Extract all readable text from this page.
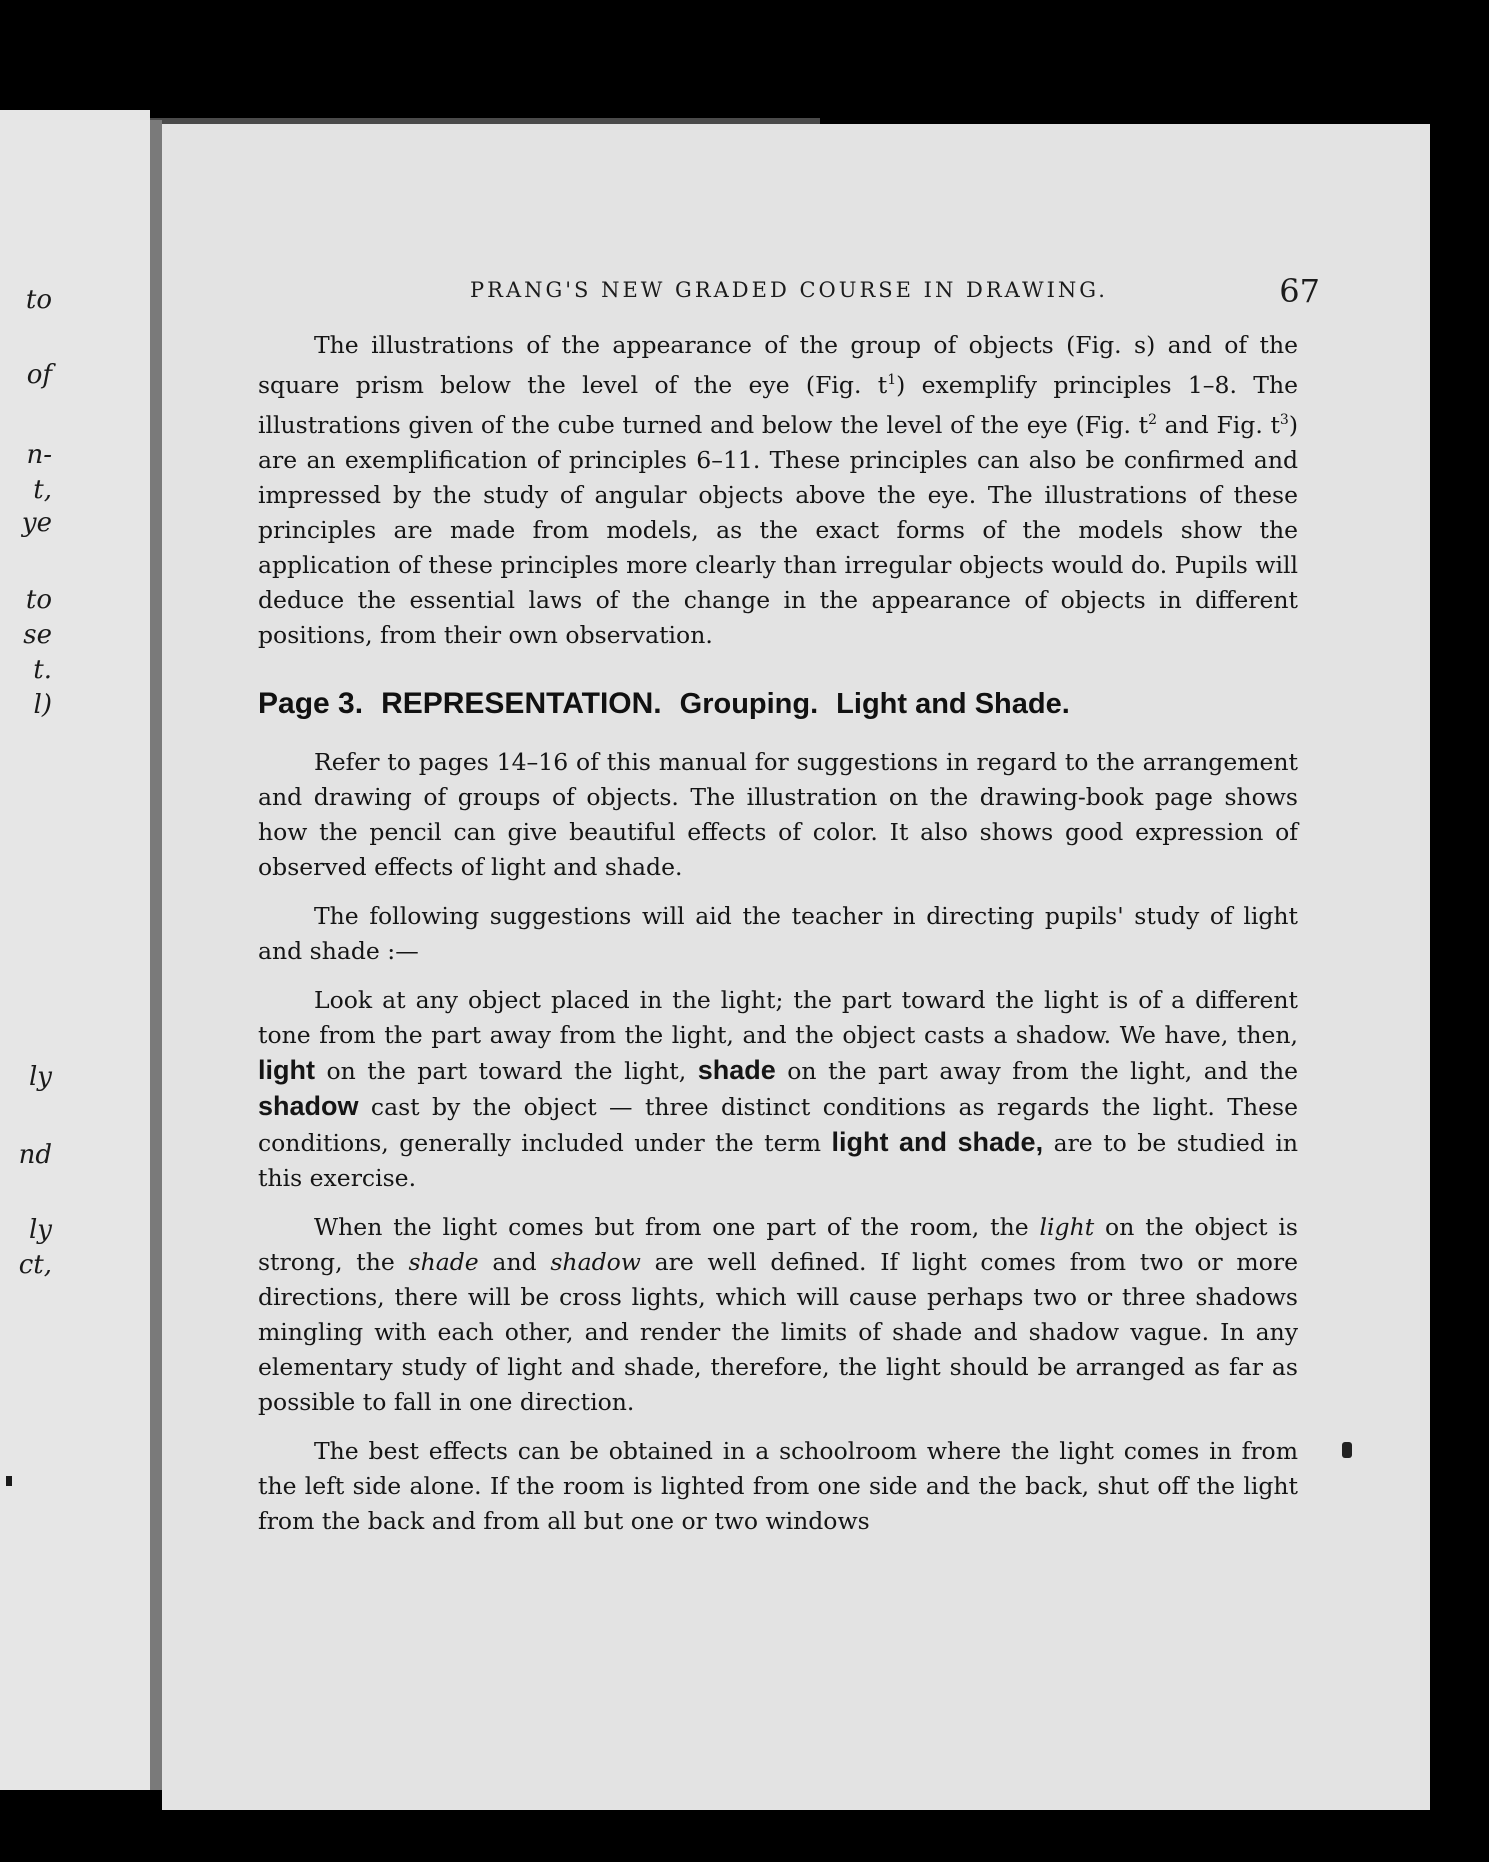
to
of
n-
t,
ye
to
se
t.
l)
ly
nd
ly
ct,
PRANG'S NEW GRADED COURSE IN DRAWING.	67

The illustrations of the appearance of the group of objects (Fig. s) and of the square prism below the level of the eye (Fig. $t^1$) exemplify principles 1–8. The illustrations given of the cube turned and below the level of the eye (Fig. $t^2$ and Fig. $t^3$) are an exemplification of principles 6–11. These principles can also be confirmed and impressed by the study of angular objects above the eye. The illustrations of these principles are made from models, as the exact forms of the models show the application of these principles more clearly than irregular objects would do. Pupils will deduce the essential laws of the change in the appearance of objects in different positions, from their own observation.

Page 3. REPRESENTATION. Grouping. Light and Shade.

Refer to pages 14–16 of this manual for suggestions in regard to the arrangement and drawing of groups of objects. The illustration on the drawing-book page shows how the pencil can give beautiful effects of color. It also shows good expression of observed effects of light and shade.

The following suggestions will aid the teacher in directing pupils' study of light and shade :—

Look at any object placed in the light; the part toward the light is of a different tone from the part away from the light, and the object casts a shadow. We have, then, light on the part toward the light, shade on the part away from the light, and the shadow cast by the object — three distinct conditions as regards the light. These conditions, generally included under the term light and shade, are to be studied in this exercise.

When the light comes but from one part of the room, the light on the object is strong, the shade and shadow are well defined. If light comes from two or more directions, there will be cross lights, which will cause perhaps two or three shadows mingling with each other, and render the limits of shade and shadow vague. In any elementary study of light and shade, therefore, the light should be arranged as far as possible to fall in one direction.

The best effects can be obtained in a schoolroom where the light comes in from the left side alone. If the room is lighted from one side and the back, shut off the light from the back and from all but one or two windows
